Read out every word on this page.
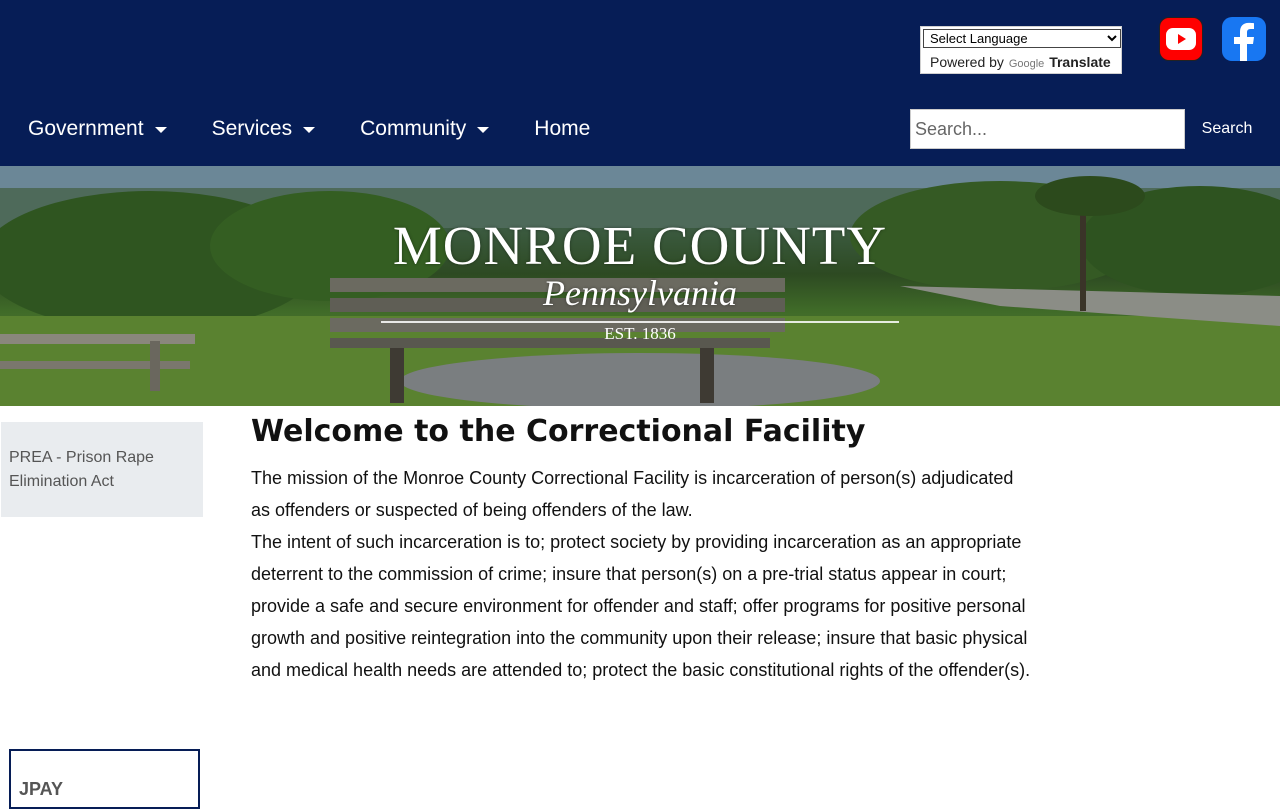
Select Language
Powered by Google Translate
Government	Services	Community	Home
Search...	Search
MONROE COUNTY
Pennsylvania
EST. 1836
PREA - Prison Rape Elimination Act
JPAY
Welcome to the Correctional Facility

The mission of the Monroe County Correctional Facility is incarceration of person(s) adjudicated as offenders or suspected of being offenders of the law.

The intent of such incarceration is to; protect society by providing incarceration as an appropriate deterrent to the commission of crime; insure that person(s) on a pre-trial status appear in court; provide a safe and secure environment for offender and staff; offer programs for positive personal growth and positive reintegration into the community upon their release; insure that basic physical and medical health needs are attended to; protect the basic constitutional rights of the offender(s).
